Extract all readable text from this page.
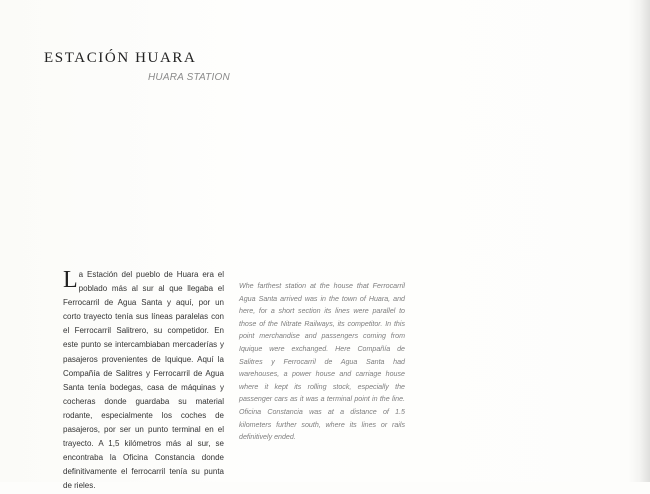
ESTACIÓN HUARA
HUARA STATION
L a Estación del pueblo de Huara era el poblado más al sur al que llegaba el Ferrocarril de Agua Santa y aquí, por un corto trayecto tenía sus líneas paralelas con el Ferrocarril Salitrero, su competidor. En este punto se intercambiaban mercaderías y pasajeros provenientes de Iquique. Aquí la Compañía de Salitres y Ferrocarril de Agua Santa tenía bodegas, casa de máquinas y cocheras donde guardaba su material rodante, especialmente los coches de pasajeros, por ser un punto terminal en el trayecto. A 1,5 kilómetros más al sur, se encontraba la Oficina Constancia donde definitivamente el ferrocarril tenía su punta de rieles.

Whe farthest station at the house that Ferrocarril Agua Santa arrived was in the town of Huara, and here, for a short section its lines were parallel to those of the Nitrate Railways, its competitor. In this point merchandise and passengers coming from Iquique were exchanged. Here Compañía de Salitres y Ferrocarril de Agua Santa had warehouses, a power house and carriage house where it kept its rolling stock, especially the passenger cars as it was a terminal point in the line. Oficina Constancia was at a distance of 1.5 kilometers further south, where its lines or rails definitively ended.
